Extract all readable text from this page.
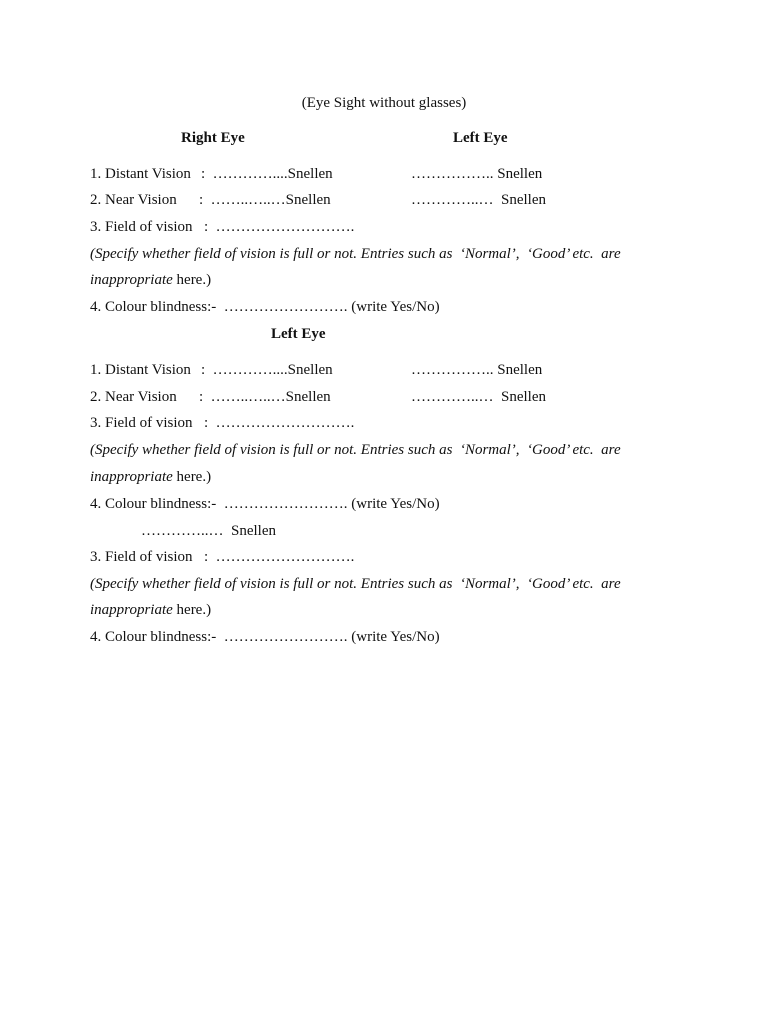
(Eye Sight without glasses)
Right Eye	Left Eye
1. Distant Vision :  …………....Snellen	…………….. Snellen
2. Near Vision :  ……..…..…Snellen	…………..…  Snellen
3. Field of vision :  ……………………….
(Specify whether field of vision is full or not. Entries such as  ‘Normal’,  ‘Good’ etc.  are
inappropriate here.)
4. Colour blindness:-  ……………………. (write Yes/No)
Left Eye
1. Distant Vision :  …………....Snellen	…………….. Snellen
2. Near Vision :  ……..…..…Snellen	…………..…  Snellen
3. Field of vision :  ……………………….
(Specify whether field of vision is full or not. Entries such as  ‘Normal’,  ‘Good’ etc.  are
inappropriate here.)
4. Colour blindness:-  ……………………. (write Yes/No)
…………..…  Snellen
3. Field of vision :  ……………………….
(Specify whether field of vision is full or not. Entries such as  ‘Normal’,  ‘Good’ etc.  are
inappropriate here.)
4. Colour blindness:-  ……………………. (write Yes/No)
